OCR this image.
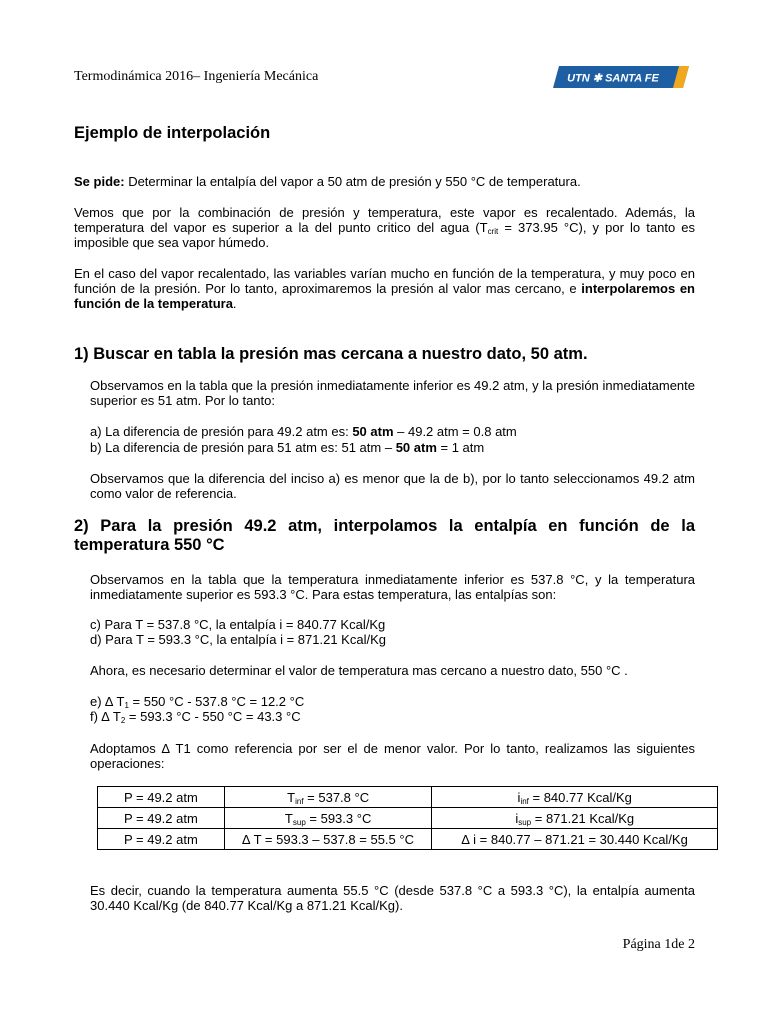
Termodinámica 2016– Ingeniería Mecánica	UTN ✱ SANTA FE
Ejemplo de interpolación

Se pide: Determinar la entalpía del vapor a 50 atm de presión y 550 °C de temperatura.

Vemos que por la combinación de presión y temperatura, este vapor es recalentado. Además, la temperatura del vapor es superior a la del punto critico del agua ($T_{crit} = 373.95$ °C), y por lo tanto es imposible que sea vapor húmedo.

En el caso del vapor recalentado, las variables varían mucho en función de la temperatura, y muy poco en función de la presión. Por lo tanto, aproximaremos la presión al valor mas cercano, e interpolaremos en función de la temperatura.

1) Buscar en tabla la presión mas cercana a nuestro dato, 50 atm.

Observamos en la tabla que la presión inmediatamente inferior es 49.2 atm, y la presión inmediatamente superior es 51 atm. Por lo tanto:

a) La diferencia de presión para 49.2 atm es: 50 atm – 49.2 atm = 0.8 atm

b) La diferencia de presión para 51 atm es: 51 atm – 50 atm = 1 atm

Observamos que la diferencia del inciso a) es menor que la de b), por lo tanto seleccionamos 49.2 atm como valor de referencia.

2) Para la presión 49.2 atm, interpolamos la entalpía en función de la temperatura 550 °C

Observamos en la tabla que la temperatura inmediatamente inferior es 537.8 °C, y la temperatura inmediatamente superior es 593.3 °C. Para estas temperatura, las entalpías son:

c) Para T = 537.8 °C, la entalpía i = 840.77 Kcal/Kg

d) Para T = 593.3 °C, la entalpía i = 871.21 Kcal/Kg

Ahora, es necesario determinar el valor de temperatura mas cercano a nuestro dato, 550 °C .

e) ∆ $T_1 = 550$ °C - 537.8 °C = 12.2 °C

f) ∆ $T_2 = 593.3$ °C - 550 °C = 43.3 °C

Adoptamos ∆ T1 como referencia por ser el de menor valor. Por lo tanto, realizamos las siguientes operaciones:

P = 49.2 atm	$T_{inf} = 537.8$ °C	$i_{inf} = 840.77$ Kcal/Kg
P = 49.2 atm	$T_{sup} = 593.3$ °C	$i_{sup} = 871.21$ Kcal/Kg
P = 49.2 atm	∆ T = 593.3 – 537.8 = 55.5 °C	∆ i = 840.77 – 871.21 = 30.440 Kcal/Kg

Es decir, cuando la temperatura aumenta 55.5 °C (desde 537.8 °C a 593.3 °C), la entalpía aumenta 30.440 Kcal/Kg (de 840.77 Kcal/Kg a 871.21 Kcal/Kg).

Página 1de 2
